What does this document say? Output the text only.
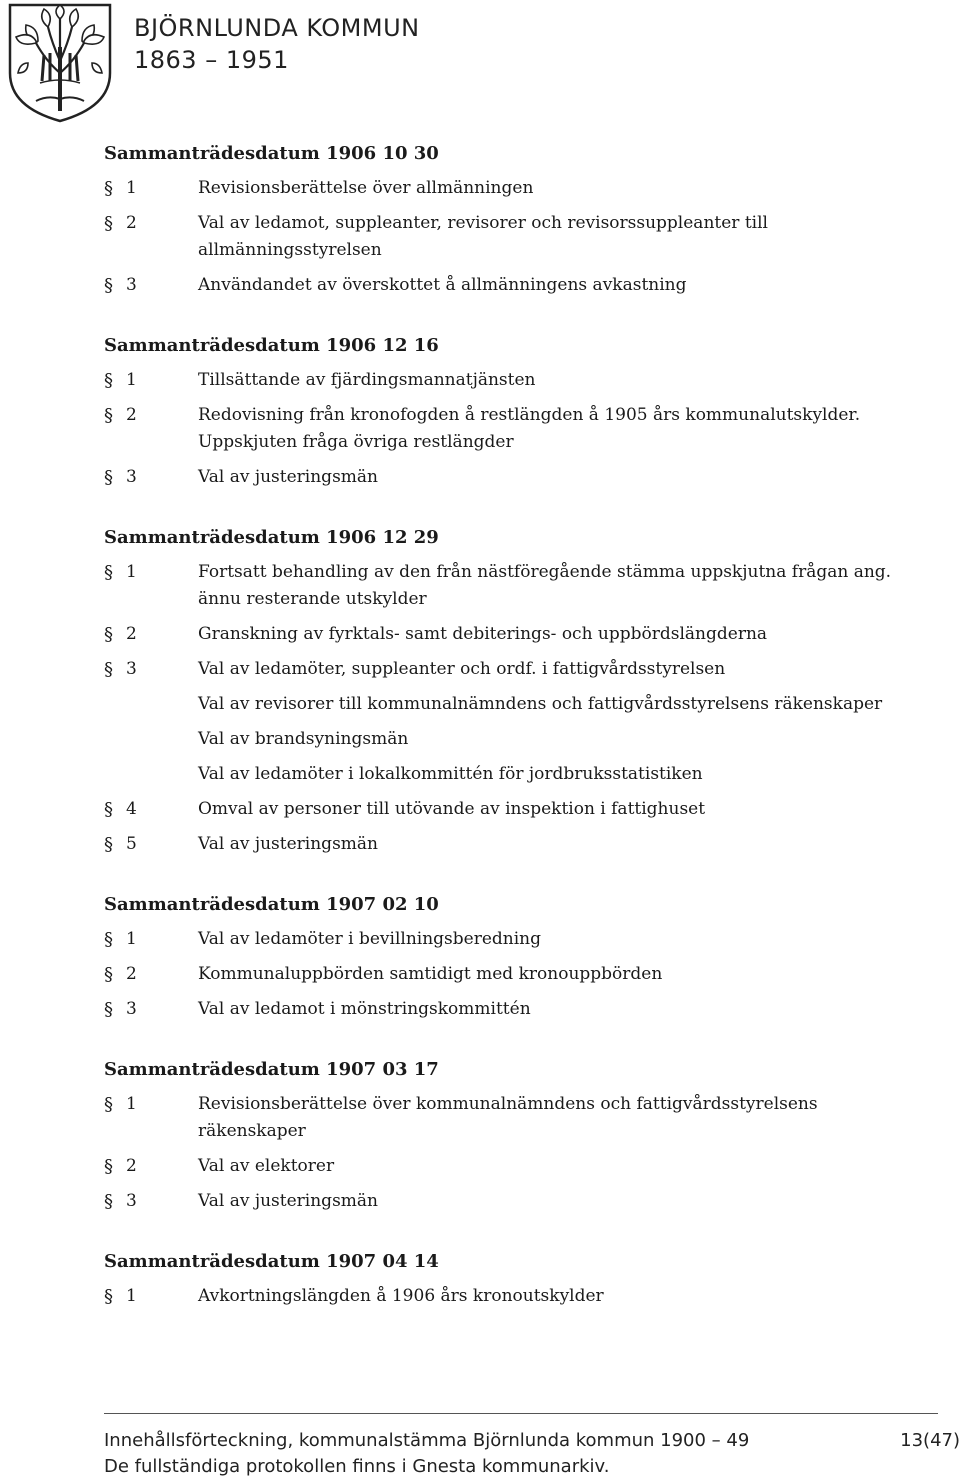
BJÖRNLUNDA KOMMUN
1863 – 1951
Sammanträdesdatum 1906 10 30
§ 1	Revisionsberättelse över allmänningen
§ 2	Val av ledamot, suppleanter, revisorer och revisorssuppleanter till allmänningsstyrelsen
§ 3	Användandet av överskottet å allmänningens avkastning
Sammanträdesdatum 1906 12 16
§ 1	Tillsättande av fjärdingsmannatjänsten
§ 2	Redovisning från kronofogden å restlängden å 1905 års kommunalutskylder. Uppskjuten fråga övriga restlängder
§ 3	Val av justeringsmän
Sammanträdesdatum 1906 12 29
§ 1	Fortsatt behandling av den från nästföregående stämma uppskjutna frågan ang. ännu resterande utskylder
§ 2	Granskning av fyrktals- samt debiterings- och uppbördslängderna
§ 3	Val av ledamöter, suppleanter och ordf. i fattigvårdsstyrelsen
Val av revisorer till kommunalnämndens och fattigvårdsstyrelsens räkenskaper
Val av brandsyningsmän
Val av ledamöter i lokalkommittén för jordbruksstatistiken
§ 4	Omval av personer till utövande av inspektion i fattighuset
§ 5	Val av justeringsmän
Sammanträdesdatum 1907 02 10
§ 1	Val av ledamöter i bevillningsberedning
§ 2	Kommunaluppbörden samtidigt med kronouppbörden
§ 3	Val av ledamot i mönstringskommittén
Sammanträdesdatum 1907 03 17
§ 1	Revisionsberättelse över kommunalnämndens och fattigvårdsstyrelsens räkenskaper
§ 2	Val av elektorer
§ 3	Val av justeringsmän
Sammanträdesdatum 1907 04 14
§ 1	Avkortningslängden å 1906 års kronoutskylder
Innehållsförteckning, kommunalstämma Björnlunda kommun 1900 – 49
De fullständiga protokollen finns i Gnesta kommunarkiv.
13(47)
